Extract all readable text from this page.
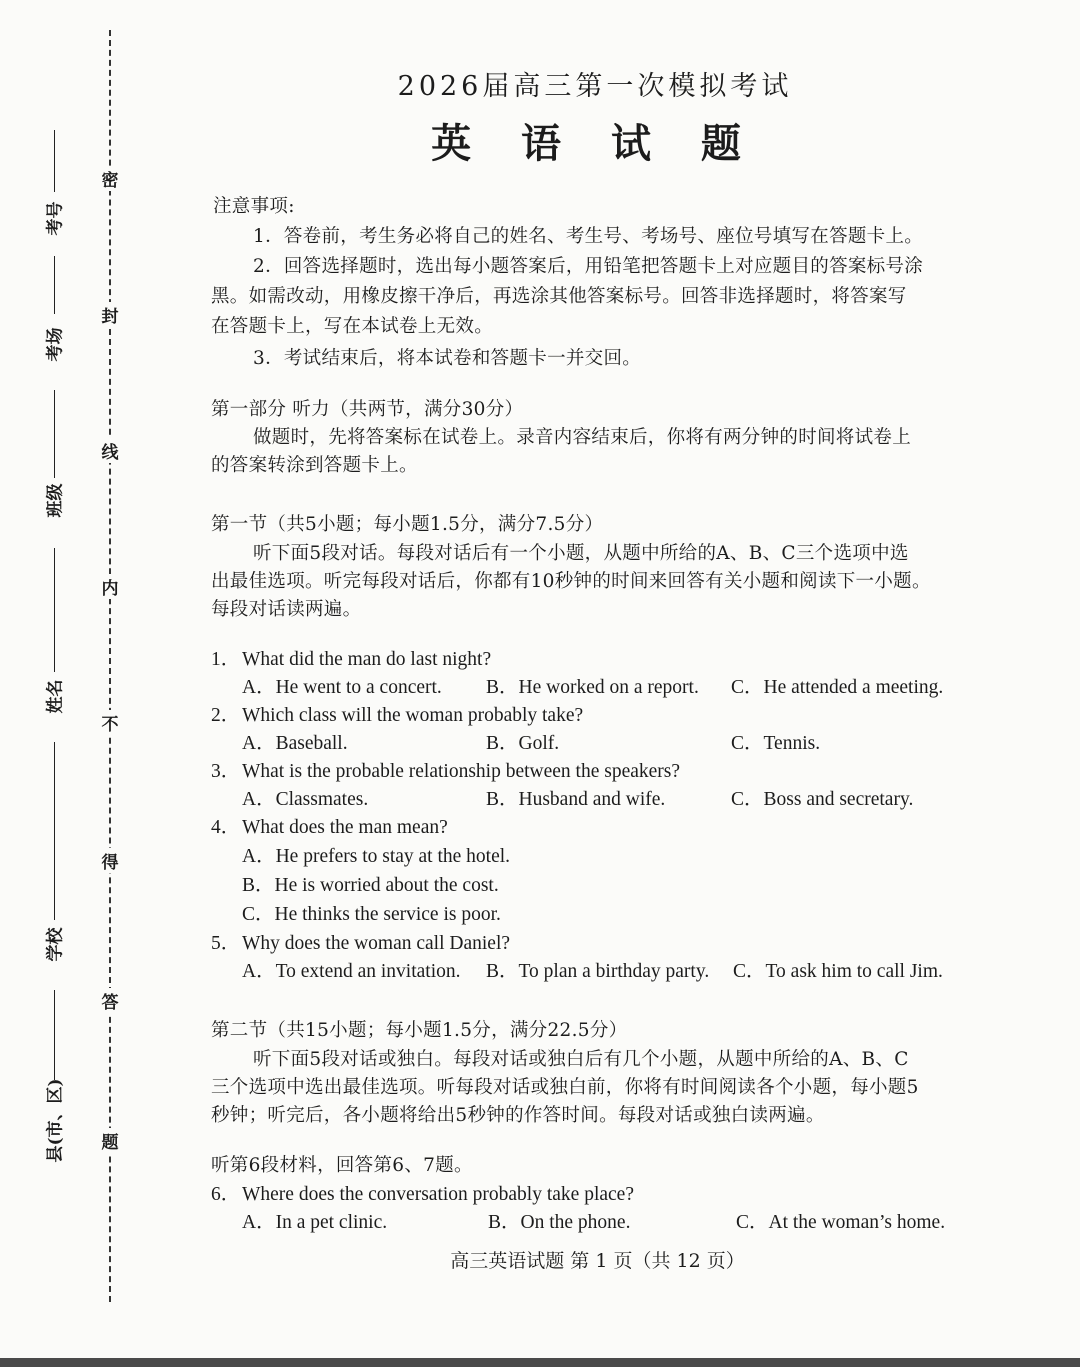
密
封
线
内
不
得
答
题
考号
考场
班级
姓名
学校
县(市、区)
2026届高三第一次模拟考试
英 语 试 题
注意事项:
1．答卷前，考生务必将自己的姓名、考生号、考场号、座位号填写在答题卡上。
2．回答选择题时，选出每小题答案后，用铅笔把答题卡上对应题目的答案标号涂
黑。如需改动，用橡皮擦干净后，再选涂其他答案标号。回答非选择题时，将答案写
在答题卡上，写在本试卷上无效。
3．考试结束后，将本试卷和答题卡一并交回。
第一部分 听力（共两节，满分30分）
做题时，先将答案标在试卷上。录音内容结束后，你将有两分钟的时间将试卷上
的答案转涂到答题卡上。
第一节（共5小题；每小题1.5分，满分7.5分）
听下面5段对话。每段对话后有一个小题，从题中所给的A、B、C三个选项中选
出最佳选项。听完每段对话后，你都有10秒钟的时间来回答有关小题和阅读下一小题。
每段对话读两遍。
1． What did the man do last night?
A．He went to a concert. B．He worked on a report. C．He attended a meeting.
2． Which class will the woman probably take?
A．Baseball.	B．Golf.	C．Tennis.
3． What is the probable relationship between the speakers?
A．Classmates.	B．Husband and wife.	C．Boss and secretary.
4． What does the man mean?
A．He prefers to stay at the hotel.
B．He is worried about the cost.
C．He thinks the service is poor.
5． Why does the woman call Daniel?
A．To extend an invitation. B．To plan a birthday party. C．To ask him to call Jim.
第二节（共15小题；每小题1.5分，满分22.5分）
听下面5段对话或独白。每段对话或独白后有几个小题，从题中所给的A、B、C
三个选项中选出最佳选项。听每段对话或独白前，你将有时间阅读各个小题，每小题5
秒钟；听完后，各小题将给出5秒钟的作答时间。每段对话或独白读两遍。
听第6段材料，回答第6、7题。
6． Where does the conversation probably take place?
A．In a pet clinic.	B．On the phone.	C．At the woman’s home.
高三英语试题 第 1 页（共 12 页）
